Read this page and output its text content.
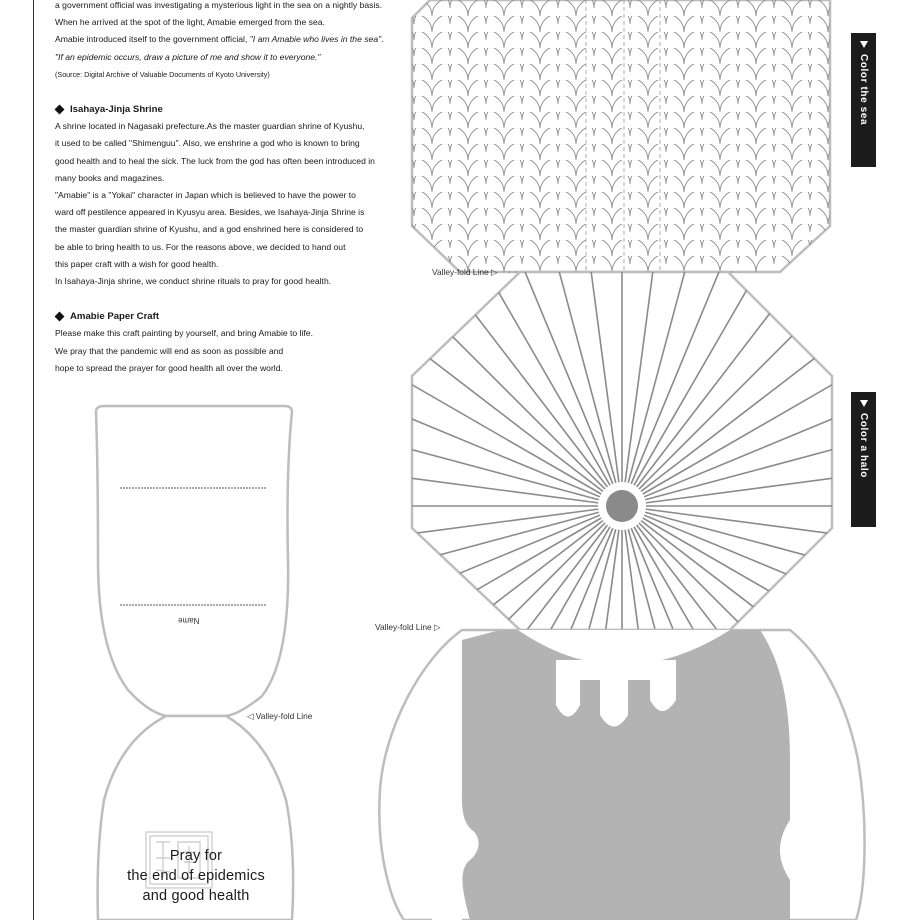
a government official was investigating a mysterious light in the sea on a nightly basis.

When he arrived at the spot of the light, Amabie emerged from the sea.

Amabie introduced itself to the government official, "I am Amabie who lives in the sea".

"If an epidemic occurs, draw a picture of me and show it to everyone."

(Source: Digital Archive of Valuable Documents of Kyoto University)

Isahaya-Jinja Shrine

A shrine located in Nagasaki prefecture.As the master guardian shrine of Kyushu,

it used to be called "Shimenguu". Also, we enshrine a god who is known to bring

good health and to heal the sick. The luck from the god has often been introduced in

many books and magazines.

"Amabie" is a "Yokai" character in Japan which is believed to have the power to

ward off pestilence appeared in Kyusyu area. Besides, we Isahaya-Jinja Shrine is

the master guardian shrine of Kyushu, and a god enshrined here is considered to

be able to bring health to us. For the reasons above, we decided to hand out

this paper craft with a wish for good health.

In Isahaya-Jinja shrine, we conduct shrine rituals to pray for good health.

Amabie Paper Craft

Please make this craft painting by yourself, and bring Amabie to life.

We pray that the pandemic will end as soon as possible and

hope to spread the prayer for good health all over the world.

Color the sea
Color a halo
Valley-fold Line ▷
Valley-fold Line ▷
◁ Valley-fold Line
Name
Pray for
the end of epidemics
and good health
